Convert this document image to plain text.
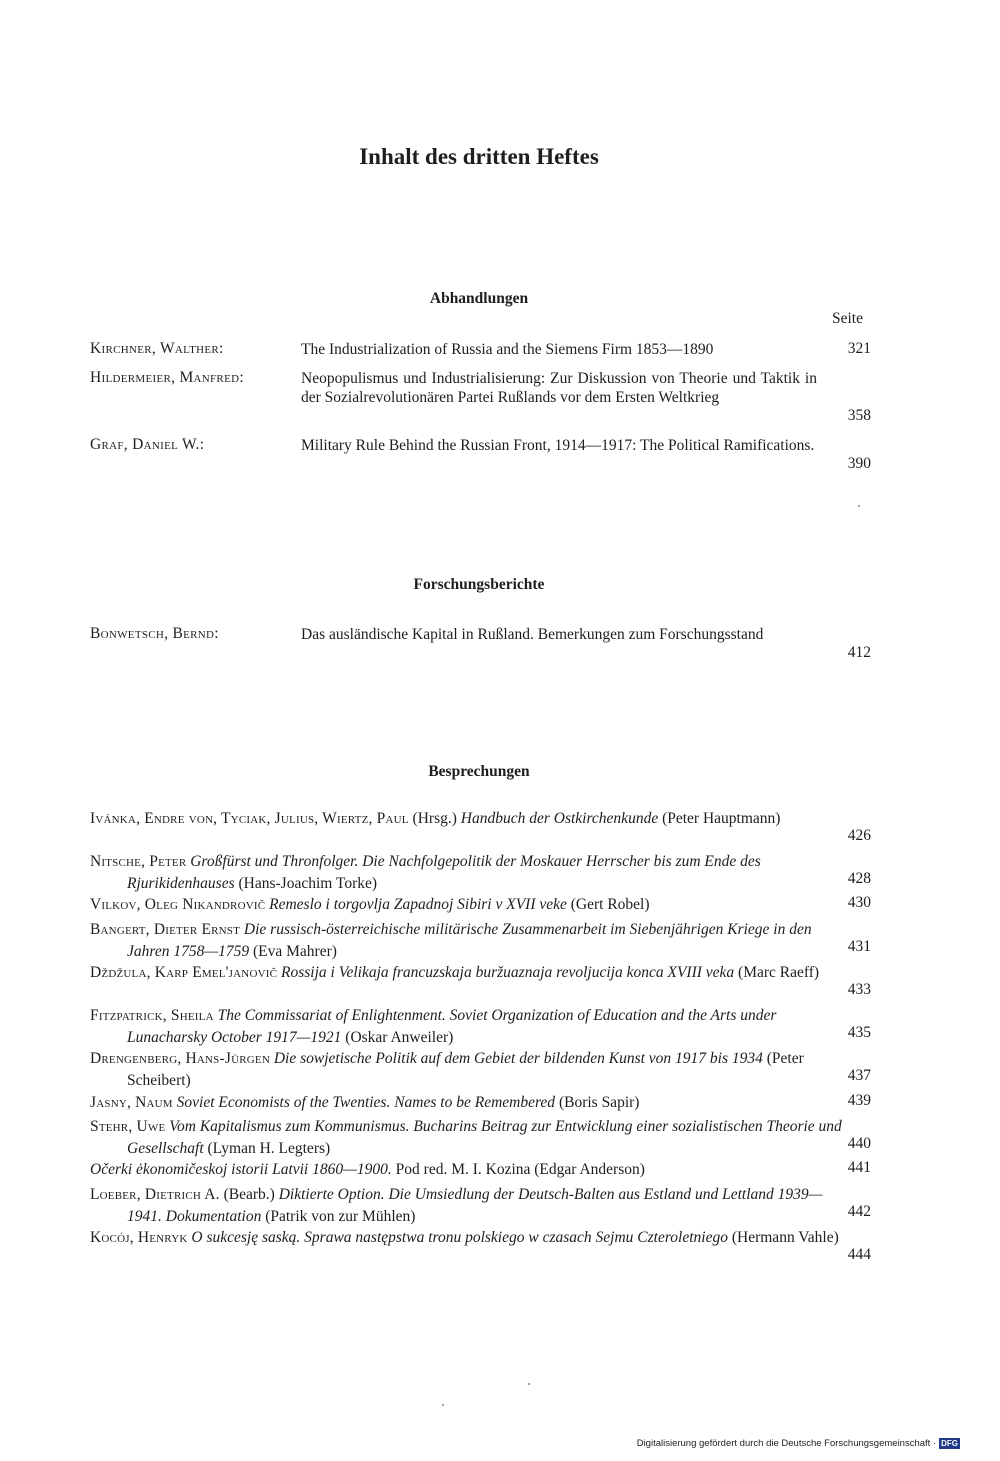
Inhalt des dritten Heftes
Abhandlungen
Seite
Kirchner, Walther:	The Industrialization of Russia and the Siemens Firm 1853—1890	321
Hildermeier, Manfred:	Neopopulismus und Industrialisierung: Zur Diskussion von Theorie und Taktik in der Sozialrevolutionären Partei Rußlands vor dem Ersten Weltkrieg
358
Graf, Daniel W.:	Military Rule Behind the Russian Front, 1914—1917: The Political Ramifications.
390
Forschungsberichte
Bonwetsch, Bernd:	Das ausländische Kapital in Rußland. Bemerkungen zum Forschungsstand
412
Besprechungen
Ivánka, Endre von, Tyciak, Julius, Wiertz, Paul (Hrsg.) Handbuch der Ostkirchenkunde (Peter Hauptmann)
426
Nitsche, Peter Großfürst und Thronfolger. Die Nachfolgepolitik der Moskauer Herrscher bis zum Ende des Rjurikidenhauses (Hans-Joachim Torke)	428
Vilkov, Oleg Nikandrovič Remeslo i torgovlja Zapadnoj Sibiri v XVII veke (Gert Robel)	430
Bangert, Dieter Ernst Die russisch-österreichische militärische Zusammenarbeit im Siebenjährigen Kriege in den Jahren 1758—1759 (Eva Mahrer)	431
Dždžula, Karp Emel'janovič Rossija i Velikaja francuzskaja buržuaznaja revoljucija konca XVIII veka (Marc Raeff)
433
Fitzpatrick, Sheila The Commissariat of Enlightenment. Soviet Organization of Education and the Arts under Lunacharsky October 1917—1921 (Oskar Anweiler)	435
Drengenberg, Hans-Jürgen Die sowjetische Politik auf dem Gebiet der bildenden Kunst von 1917 bis 1934 (Peter Scheibert)	437
Jasny, Naum Soviet Economists of the Twenties. Names to be Remembered (Boris Sapir)	439
Stehr, Uwe Vom Kapitalismus zum Kommunismus. Bucharins Beitrag zur Entwicklung einer sozialistischen Theorie und Gesellschaft (Lyman H. Legters)	440
Očerki ėkonomičeskoj istorii Latvii 1860—1900. Pod red. M. I. Kozina (Edgar Anderson)	441
Loeber, Dietrich A. (Bearb.) Diktierte Option. Die Umsiedlung der Deutsch-Balten aus Estland und Lettland 1939—1941. Dokumentation (Patrik von zur Mühlen)	442
Kocój, Henryk O sukcesję saską. Sprawa następstwa tronu polskiego w czasach Sejmu Czteroletniego (Hermann Vahle)
444
Digitalisierung gefördert durch die Deutsche Forschungsgemeinschaft · DFG
